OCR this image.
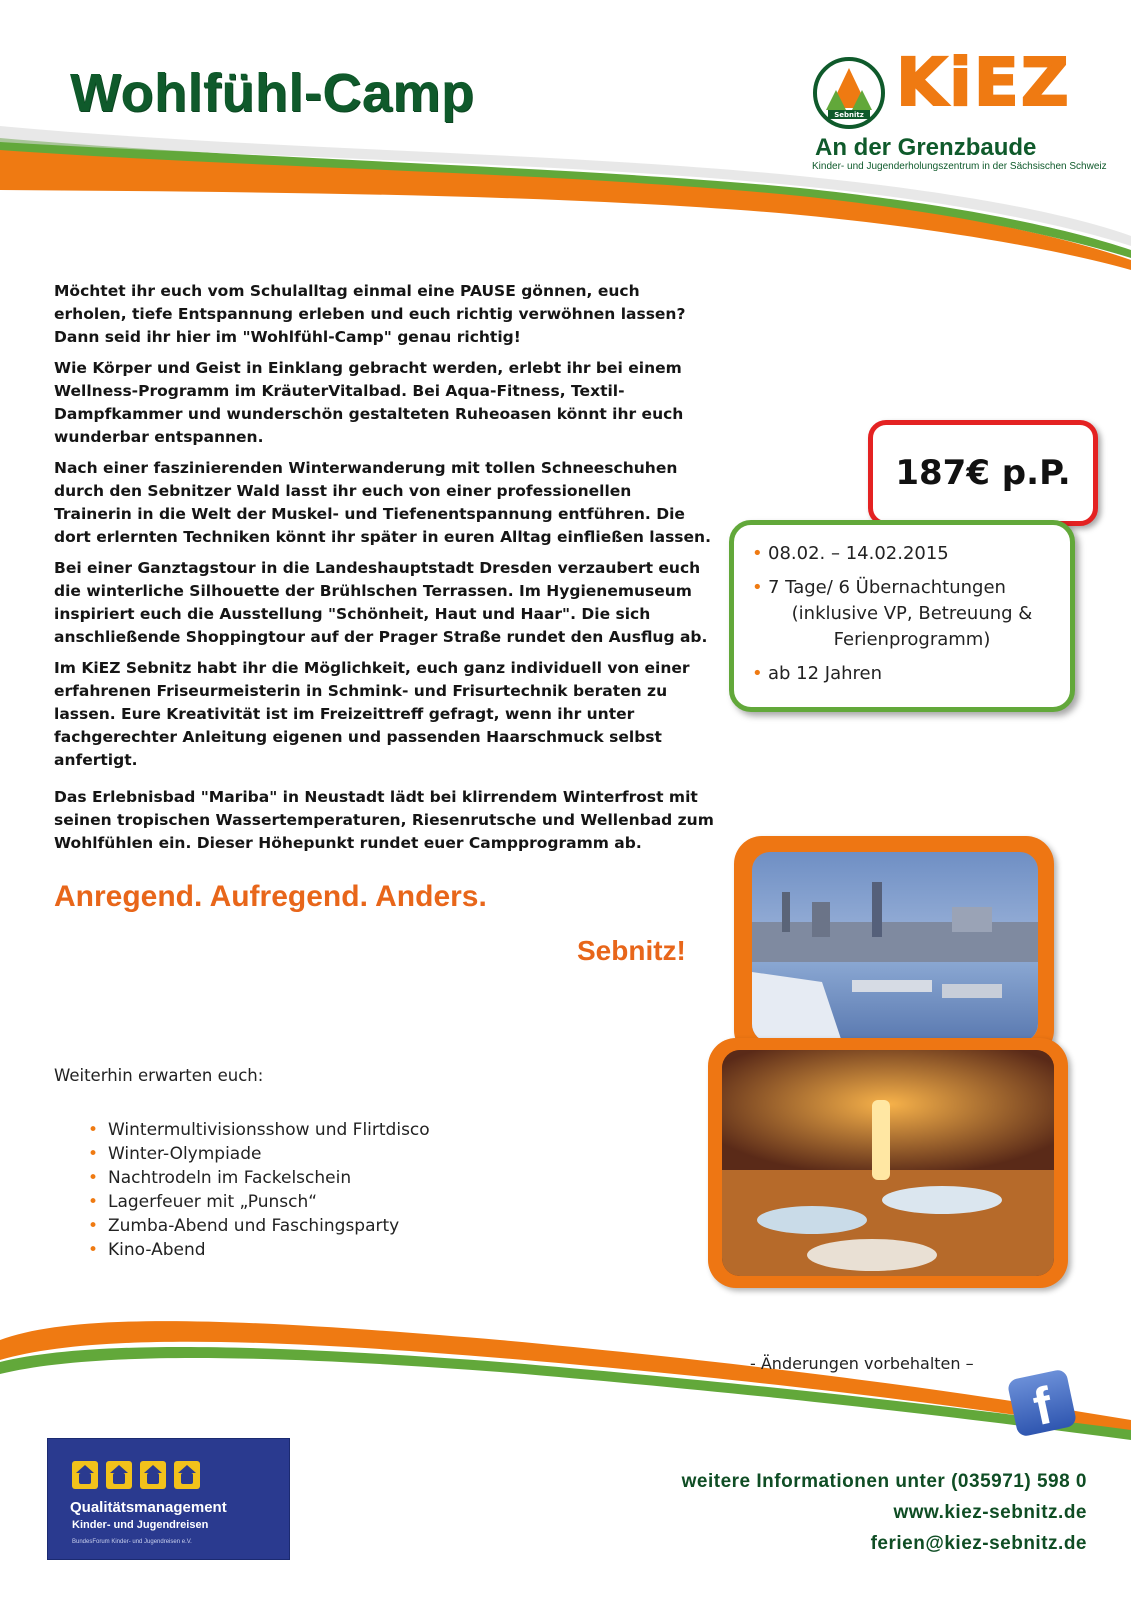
Wohlfühl-Camp	Sebnitz KiEZ
An der Grenzbaude
Kinder- und Jugenderholungszentrum in der Sächsischen Schweiz

Möchtet ihr euch vom Schulalltag einmal eine PAUSE gönnen, euch erholen, tiefe Entspannung erleben und euch richtig verwöhnen lassen? Dann seid ihr hier im "Wohlfühl-Camp" genau richtig!

Wie Körper und Geist in Einklang gebracht werden, erlebt ihr bei einem Wellness-Programm im KräuterVitalbad. Bei Aqua-Fitness, Textil-Dampfkammer und wunderschön gestalteten Ruheoasen könnt ihr euch wunderbar entspannen.

Nach einer faszinierenden Winterwanderung mit tollen Schneeschuhen durch den Sebnitzer Wald lasst ihr euch von einer professionellen Trainerin in die Welt der Muskel- und Tiefenentspannung entführen. Die dort erlernten Techniken könnt ihr später in euren Alltag einfließen lassen.

Bei einer Ganztagstour in die Landeshauptstadt Dresden verzaubert euch die winterliche Silhouette der Brühlschen Terrassen. Im Hygienemuseum inspiriert euch die Ausstellung "Schönheit, Haut und Haar". Die sich anschließende Shoppingtour auf der Prager Straße rundet den Ausflug ab.

Im KiEZ Sebnitz habt ihr die Möglichkeit, euch ganz individuell von einer erfahrenen Friseurmeisterin in Schmink- und Frisurtechnik beraten zu lassen. Eure Kreativität ist im Freizeittreff gefragt, wenn ihr unter fachgerechter Anleitung eigenen und passenden Haarschmuck selbst anfertigt.

Das Erlebnisbad "Mariba" in Neustadt lädt bei klirrendem Winterfrost mit seinen tropischen Wassertemperaturen, Riesenrutsche und Wellenbad zum Wohlfühlen ein. Dieser Höhepunkt rundet euer Campprogramm ab.

187€ p.P.
• 08.02. – 14.02.2015
• 7 Tage/ 6 Übernachtungen

(inklusive VP, Betreuung & Ferienprogramm)
• ab 12 Jahren
Anregend. Aufregend. Anders.
Sebnitz!
Weiterhin erwarten euch:
• Wintermultivisionsshow und Flirtdisco
• Winter-Olympiade
• Nachtrodeln im Fackelschein
• Lagerfeuer mit „Punsch“
• Zumba-Abend und Faschingsparty
• Kino-Abend
- Änderungen vorbehalten –
f
Qualitätsmanagement
Kinder- und Jugendreisen
BundesForum Kinder- und Jugendreisen e.V.
weitere Informationen unter (035971) 598 0
www.kiez-sebnitz.de
ferien@kiez-sebnitz.de
